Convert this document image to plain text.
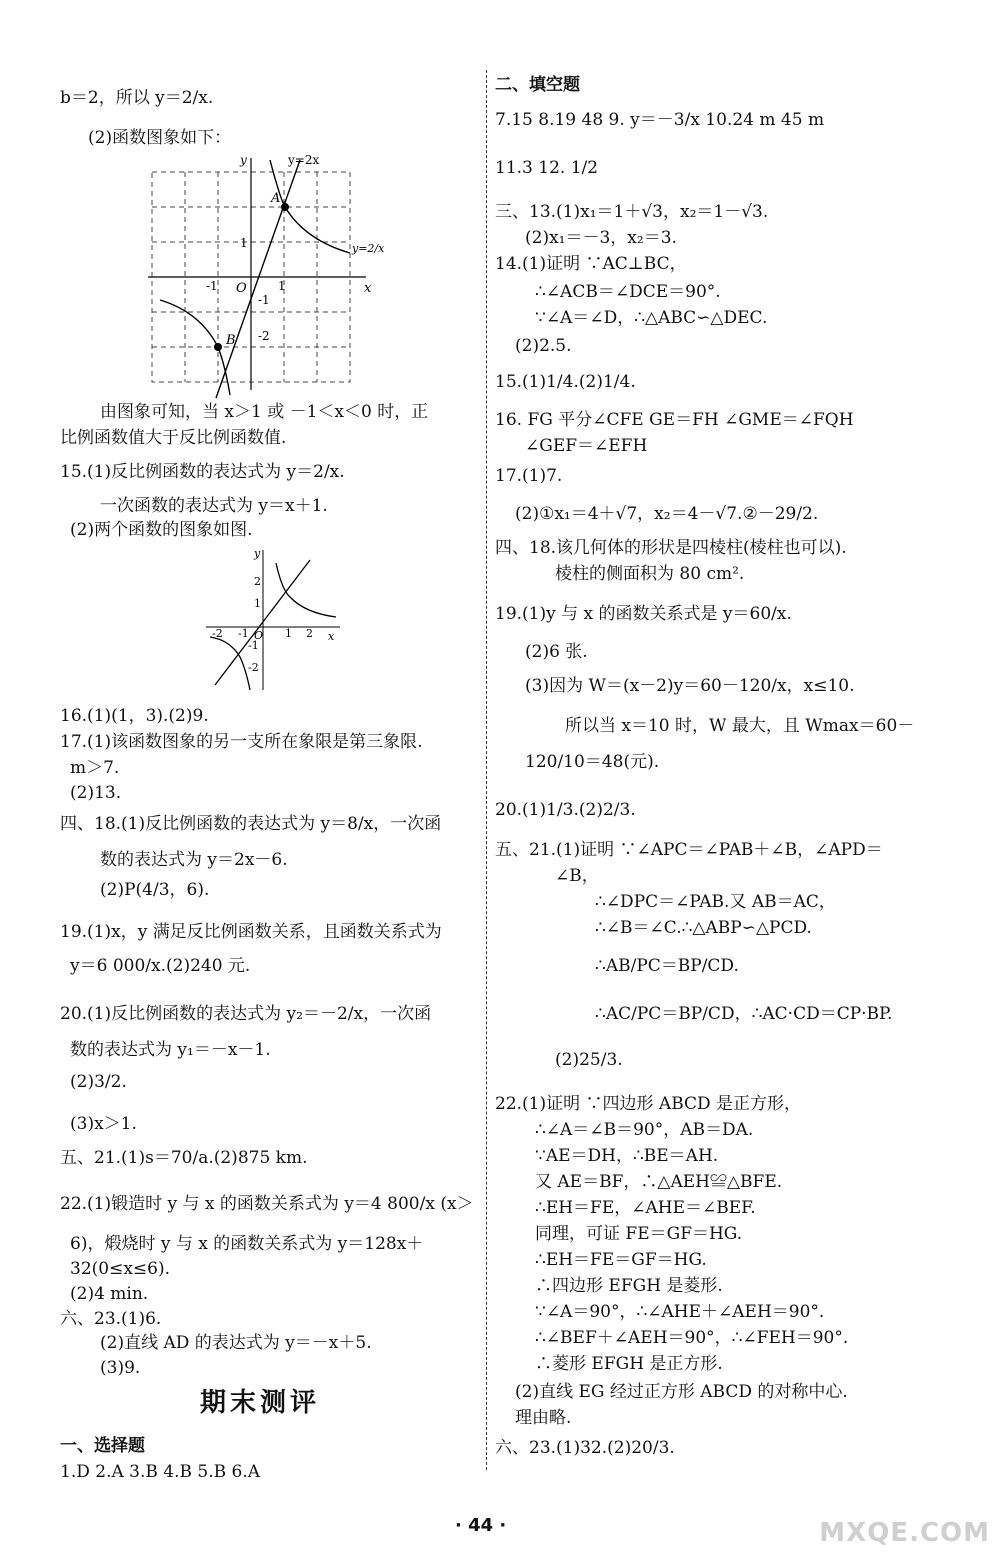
b＝2，所以 y＝2/x.
(2)函数图象如下：
由图象可知，当 x＞1 或 －1＜x＜0 时，正
比例函数值大于反比例函数值.
15.(1)反比例函数的表达式为 y＝2/x.
一次函数的表达式为 y＝x＋1.
(2)两个函数的图象如图.
16.(1)(1，3).(2)9.
17.(1)该函数图象的另一支所在象限是第三象限.
m＞7.
(2)13.
四、18.(1)反比例函数的表达式为 y＝8/x，一次函
数的表达式为 y＝2x－6.
(2)P(4/3，6).
19.(1)x，y 满足反比例函数关系，且函数关系式为
y＝6 000/x.(2)240 元.
20.(1)反比例函数的表达式为 y₂＝－2/x，一次函
数的表达式为 y₁＝－x－1.
(2)3/2.
(3)x＞1.
五、21.(1)s＝70/a.(2)875 km.
22.(1)锻造时 y 与 x 的函数关系式为 y＝4 800/x (x＞
6)，煅烧时 y 与 x 的函数关系式为 y＝128x＋
32(0≤x≤6).
(2)4 min.
六、23.(1)6.
(2)直线 AD 的表达式为 y＝－x＋5.
(3)9.
一、选择题
1.D 2.A 3.B 4.B 5.B 6.A
二、填空题
7.15 8.19 48 9. y＝－3/x 10.24 m 45 m
11.3 12. 1/2
三、13.(1)x₁＝1＋√3，x₂＝1－√3.
(2)x₁＝－3，x₂＝3.
14.(1)证明 ∵AC⊥BC，
∴∠ACB＝∠DCE＝90°.
∵∠A＝∠D，∴△ABC∽△DEC.
(2)2.5.
15.(1)1/4.(2)1/4.
16. FG 平分∠CFE GE＝FH ∠GME＝∠FQH
∠GEF＝∠EFH
17.(1)7.
(2)①x₁＝4＋√7，x₂＝4－√7.②－29/2.
四、18.该几何体的形状是四棱柱(棱柱也可以).
棱柱的侧面积为 80 cm².
19.(1)y 与 x 的函数关系式是 y＝60/x.
(2)6 张.
(3)因为 W＝(x－2)y＝60－120/x，x≤10.
所以当 x＝10 时，W 最大，且 Wmax＝60－
120/10＝48(元).
20.(1)1/3.(2)2/3.
五、21.(1)证明 ∵∠APC＝∠PAB＋∠B，∠APD＝
∠B，
∴∠DPC＝∠PAB.又 AB＝AC，
∴∠B＝∠C.∴△ABP∽△PCD.
∴AB/PC＝BP/CD.
∴AC/PC＝BP/CD，∴AC·CD＝CP·BP.
(2)25/3.
22.(1)证明 ∵四边形 ABCD 是正方形，
∴∠A＝∠B＝90°，AB＝DA.
∵AE＝DH，∴BE＝AH.
又 AE＝BF，∴△AEH≌△BFE.
∴EH＝FE，∠AHE＝∠BEF.
同理，可证 FE＝GF＝HG.
∴EH＝FE＝GF＝HG.
∴四边形 EFGH 是菱形.
∵∠A＝90°，∴∠AHE＋∠AEH＝90°.
∴∠BEF＋∠AEH＝90°，∴∠FEH＝90°.
∴菱形 EFGH 是正方形.
(2)直线 EG 经过正方形 ABCD 的对称中心.
理由略.
六、23.(1)32.(2)20/3.
期末测评
y	y=2x
y=2/x
A
B
O	x
1
-1
1
-1
-2
y
x
O 1 2
-1
-2
2
1
-1
-2
· 44 ·	MXQE.COM
